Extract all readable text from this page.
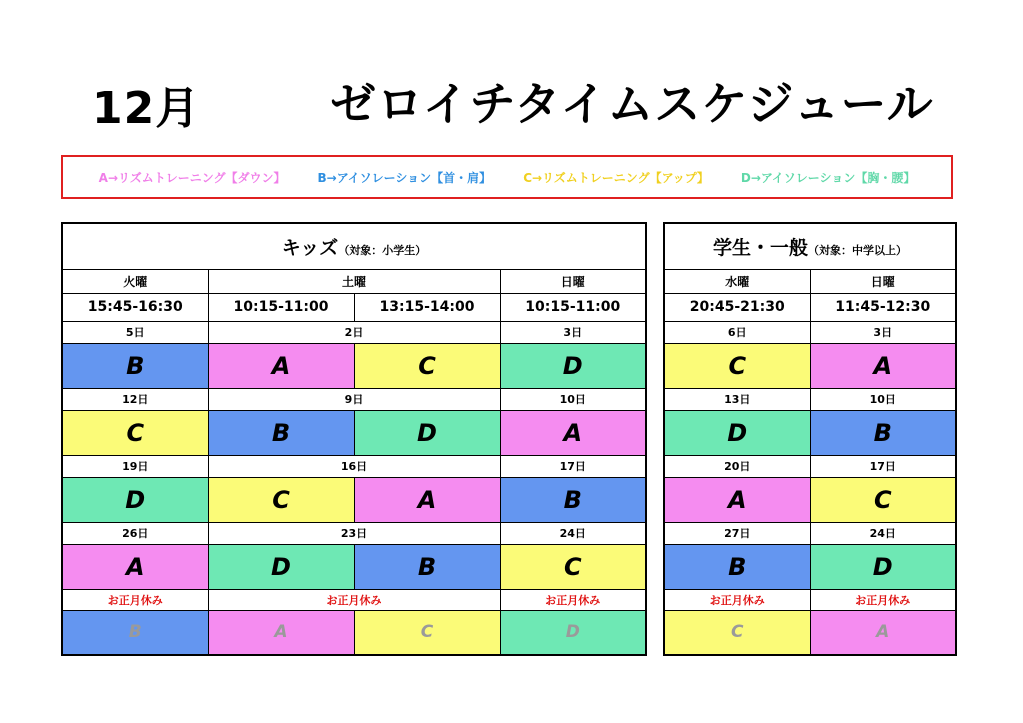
12月	ゼロイチタイムスケジュール
A→リズムトレーニング【ダウン】	B→アイソレーション【首・肩】	C→リズムトレーニング【アップ】	D→アイソレーション【胸・腰】
キッズ（対象：小学生）			
火曜	土曜		日曜
15:45-16:30	10:15-11:00	13:15-14:00	10:15-11:00
5日	2日		3日
B	A	C	D
12日	9日		10日
C	B	D	A
19日	16日		17日
D	C	A	B
26日	23日		24日
A	D	B	C
お正月休み	お正月休み		お正月休み
B	A	C	D
学生・一般（対象：中学以上）	
水曜	日曜
20:45-21:30	11:45-12:30
6日	3日
C	A
13日	10日
D	B
20日	17日
A	C
27日	24日
B	D
お正月休み	お正月休み
C	A
